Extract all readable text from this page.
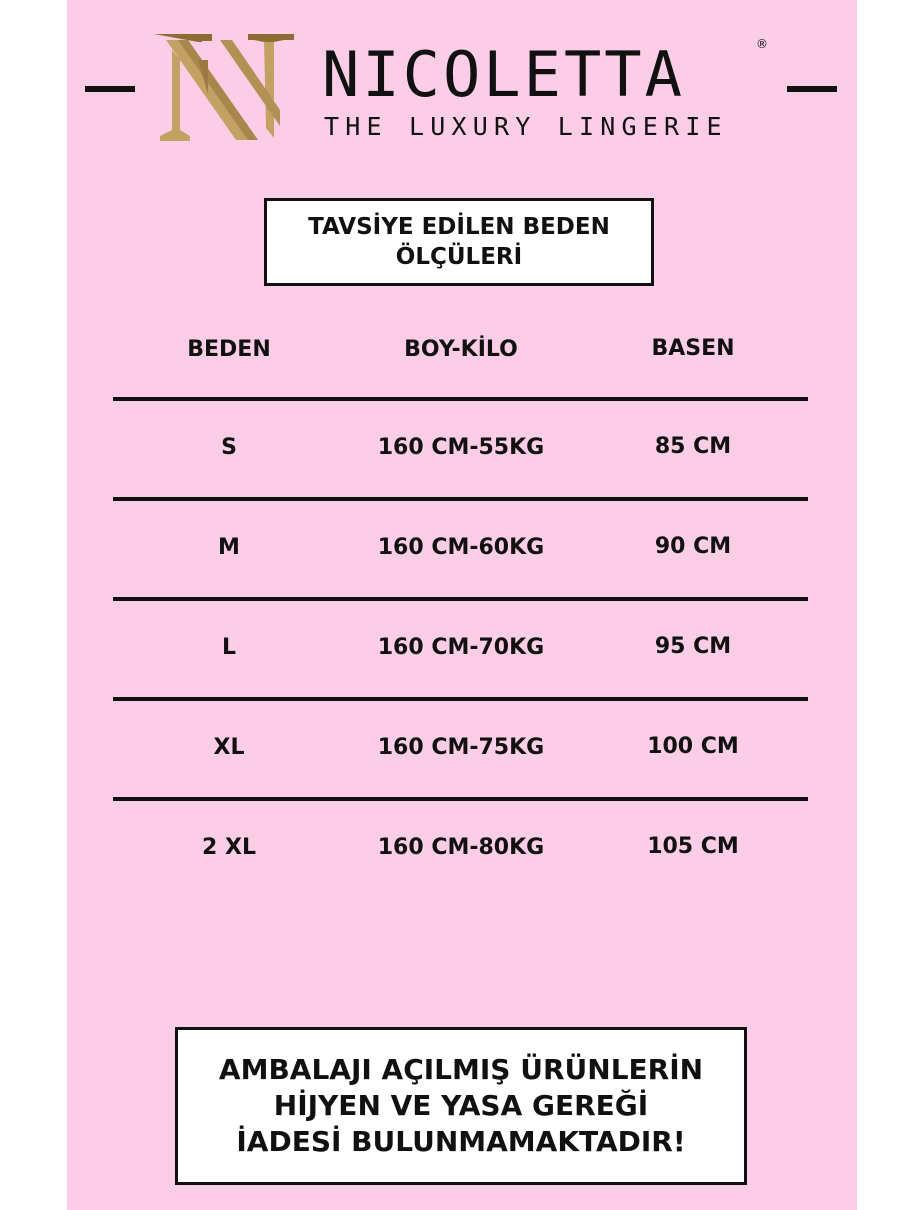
NICOLETTA	®
THE LUXURY LINGERIE
TAVSİYE EDİLEN BEDEN
ÖLÇÜLERİ
BEDEN	BOY-KİLO	BASEN
S	160 CM-55KG	85 CM
M	160 CM-60KG	90 CM
L	160 CM-70KG	95 CM
XL	160 CM-75KG	100 CM
2 XL	160 CM-80KG	105 CM
AMBALAJI AÇILMIŞ ÜRÜNLERİN
HİJYEN VE YASA GEREĞİ
İADESİ BULUNMAMAKTADIR!
